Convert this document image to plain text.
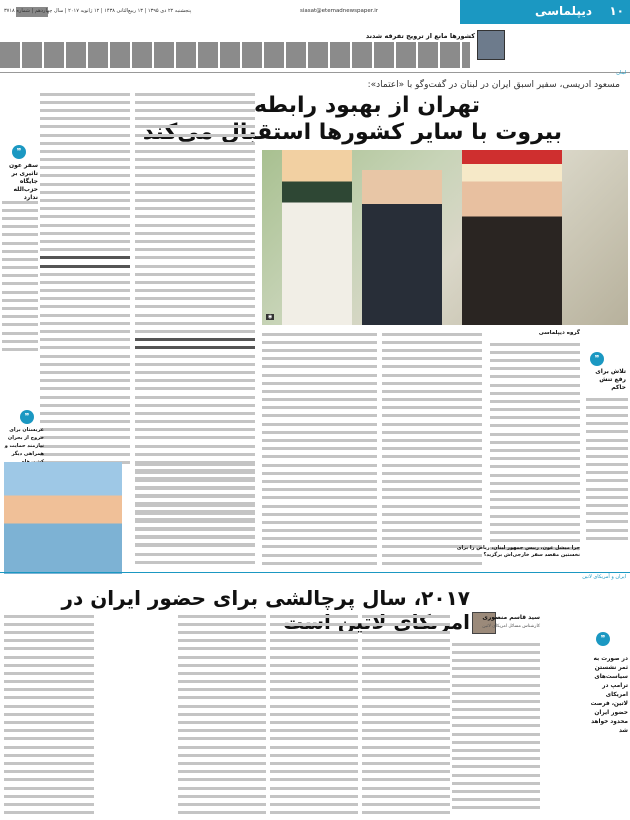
پنجشنبه ۲۲ دی ۱۳۹۵ | ۱۳ ربیع‌الثانی ۱۴۳۸ | ۱۲ ژانویه ۲۰۱۷ | سال چهاردهم | شماره ۳۷۱۸	siasat@etemadnewspaper.ir	دیپلماسی ۱۰
کشورها مانع از ترویج تفرقه شدند

لبنان
مسعود ادریسی، سفیر اسبق ایران در لبنان در گفت‌وگو با «اعتماد»:
تهران از بهبود رابطه
بیروت با سایر کشورها استقبال می‌کند
◉

❞
سفر عون تاثیری بر جایگاه حزب‌الله ندارد

❞
عربستان برای خروج از بحران نیازمند حمایت و همراهی دیگر
❞
تلاش برای رفع تنش حاکم

گروه دیپلماسی

چرا میشل عون، رییس جمهور لبنان، ریاض را برای نخستین مقصد سفر خارجی‌اش برگزید؟
ایران و آمریکای لاتین
۲۰۱۷، سال پرچالشی برای حضور ایران در امریکای لاتین است سید قاسم منصوری
کارشناس مسائل امریکای لاتین
❞
در صورت به ثمر نشستن سیاست‌های ترامپ در امریکای لاتین، فرصت حضور ایران محدود خواهد شد
